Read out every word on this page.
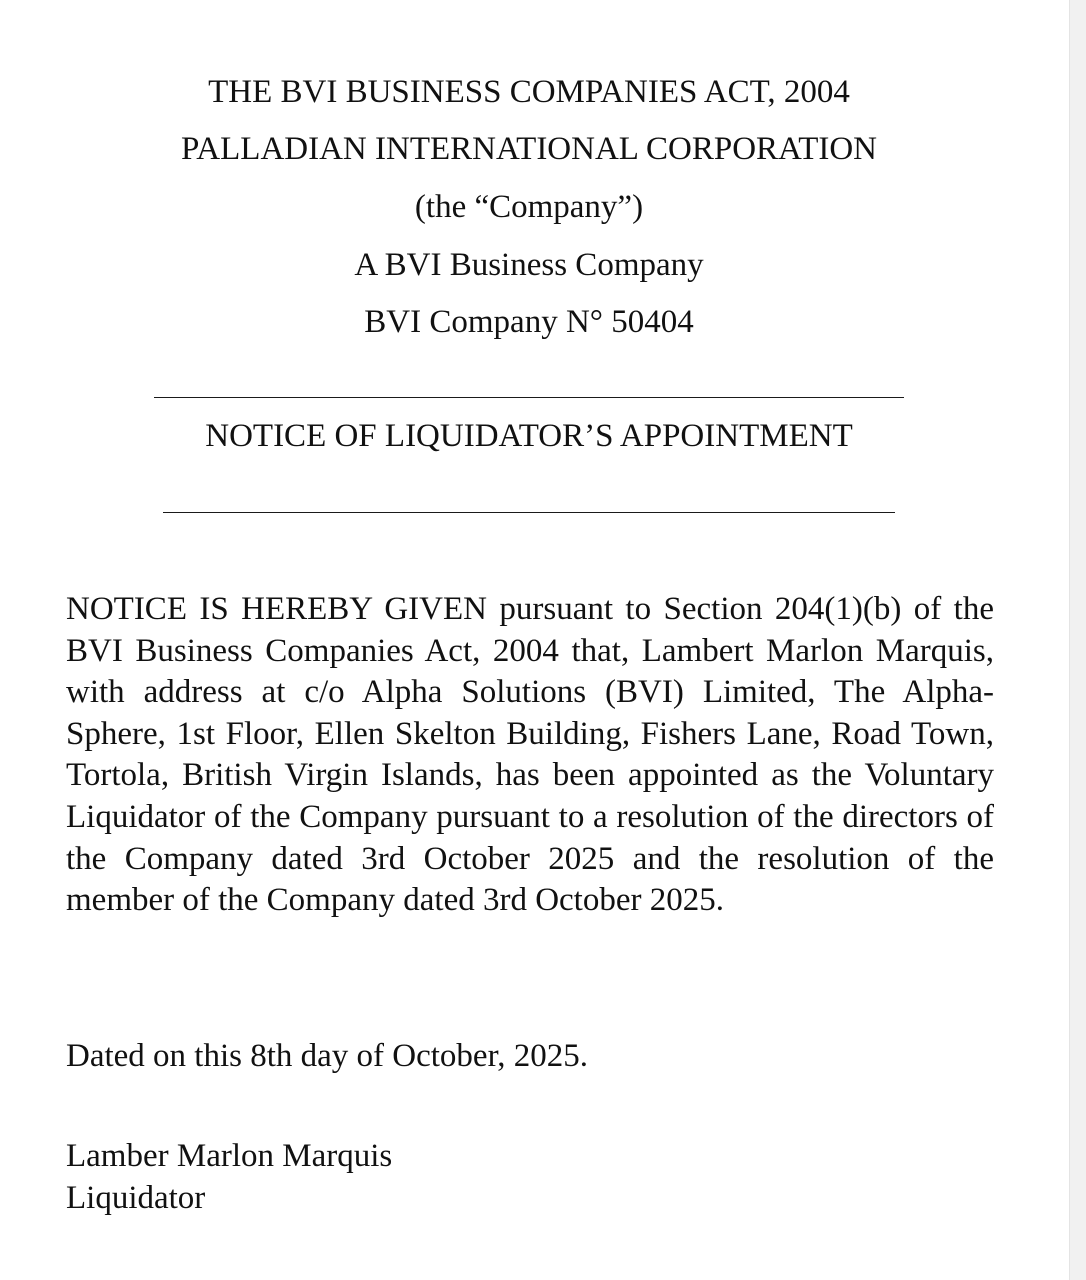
THE BVI BUSINESS COMPANIES ACT, 2004
PALLADIAN INTERNATIONAL CORPORATION
(the “Company”)
A BVI Business Company
BVI Company N° 50404
NOTICE OF LIQUIDATOR’S APPOINTMENT

NOTICE IS HEREBY GIVEN pursuant to Section 204(1)(b) of the BVI Business Companies Act, 2004 that, Lambert Marlon Marquis, with address at c/o Alpha Solutions (BVI) Limited, The Alpha-Sphere, 1st Floor, Ellen Skelton Building, Fishers Lane, Road Town, Tortola, British Virgin Islands, has been appointed as the Voluntary Liquidator of the Company pursuant to a resolution of the directors of the Company dated 3rd October 2025 and the resolution of the member of the Company dated 3rd October 2025.

Dated on this 8th day of October, 2025.
Lamber Marlon Marquis
Liquidator
